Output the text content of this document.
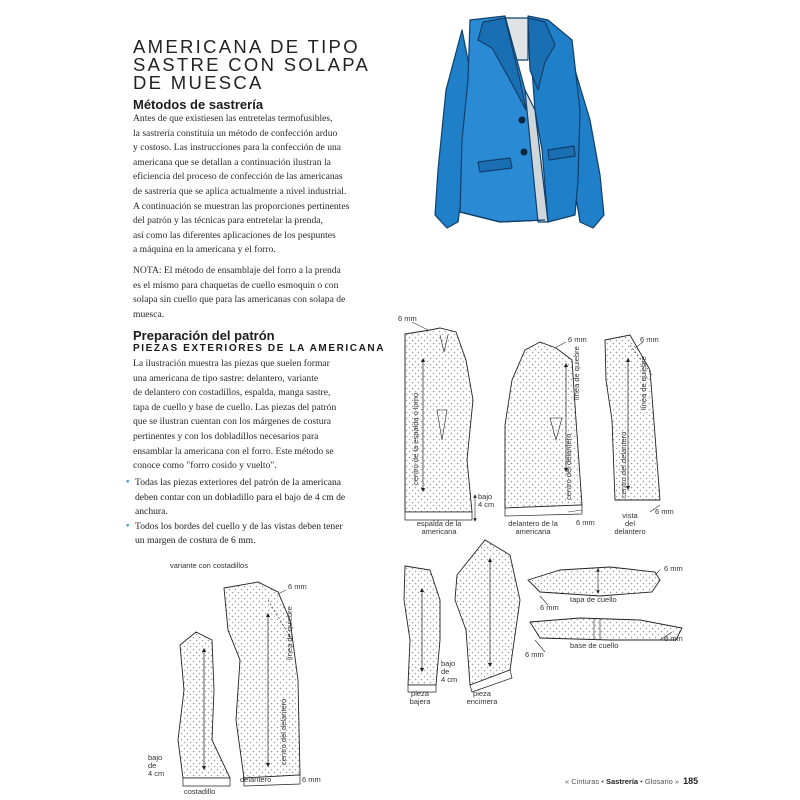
AMERICANA DE TIPO
SASTRE CON SOLAPA
DE MUESCA
Métodos de sastrería
Antes de que existiesen las entretelas termofusibles,
la sastrería constituía un método de confección arduo
y costoso. Las instrucciones para la confección de una
americana que se detallan a continuación ilustran la
eficiencia del proceso de confección de las americanas
de sastrería que se aplica actualmente a nivel industrial.
A continuación se muestran las proporciones pertinentes
del patrón y las técnicas para entretelar la prenda,
así como las diferentes aplicaciones de los pespuntes
a máquina en la americana y el forro.
NOTA: El método de ensamblaje del forro a la prenda
es el mismo para chaquetas de cuello esmoquin o con
solapa sin cuello que para las americanas con solapa de
muesca.
Preparación del patrón
PIEZAS EXTERIORES DE LA AMERICANA
La ilustración muestra las piezas que suelen formar
una americana de tipo sastre: delantero, variante
de delantero con costadillos, espalda, manga sastre,
tapa de cuello y base de cuello. Las piezas del patrón
que se ilustran cuentan con los márgenes de costura
pertinentes y con los dobladillos necesarios para
ensamblar la americana con el forro. Este método se
conoce como "forro cosido y vuelto".
• Todas las piezas exteriores del patrón de la americana
deben contar con un dobladillo para el bajo de 4 cm de
anchura.
• Todos los bordes del cuello y de las vistas deben tener
un margen de costura de 6 mm.
6 mm
6 mm	6 mm
6 mm
6 mm
6 mm
6 mm
6 mm
6 mm
6 mm
6 mm
espalda de la
americana
delantero de la
americana
vista
del
delantero
bajo
4 cm
bajo
de
4 cm
bajo
de
4 cm
pieza
bajera
pieza
encimera
tapa de cuello
base de cuello
variante con costadillos
costadillo
delantero
centro de la espalda o lomo	centro del delantero	centro del delantero
centro del delantero
línea de quiebre	línea de quiebre
línea de quiebre
« Cinturas • Sastrería • Glosario » 185
